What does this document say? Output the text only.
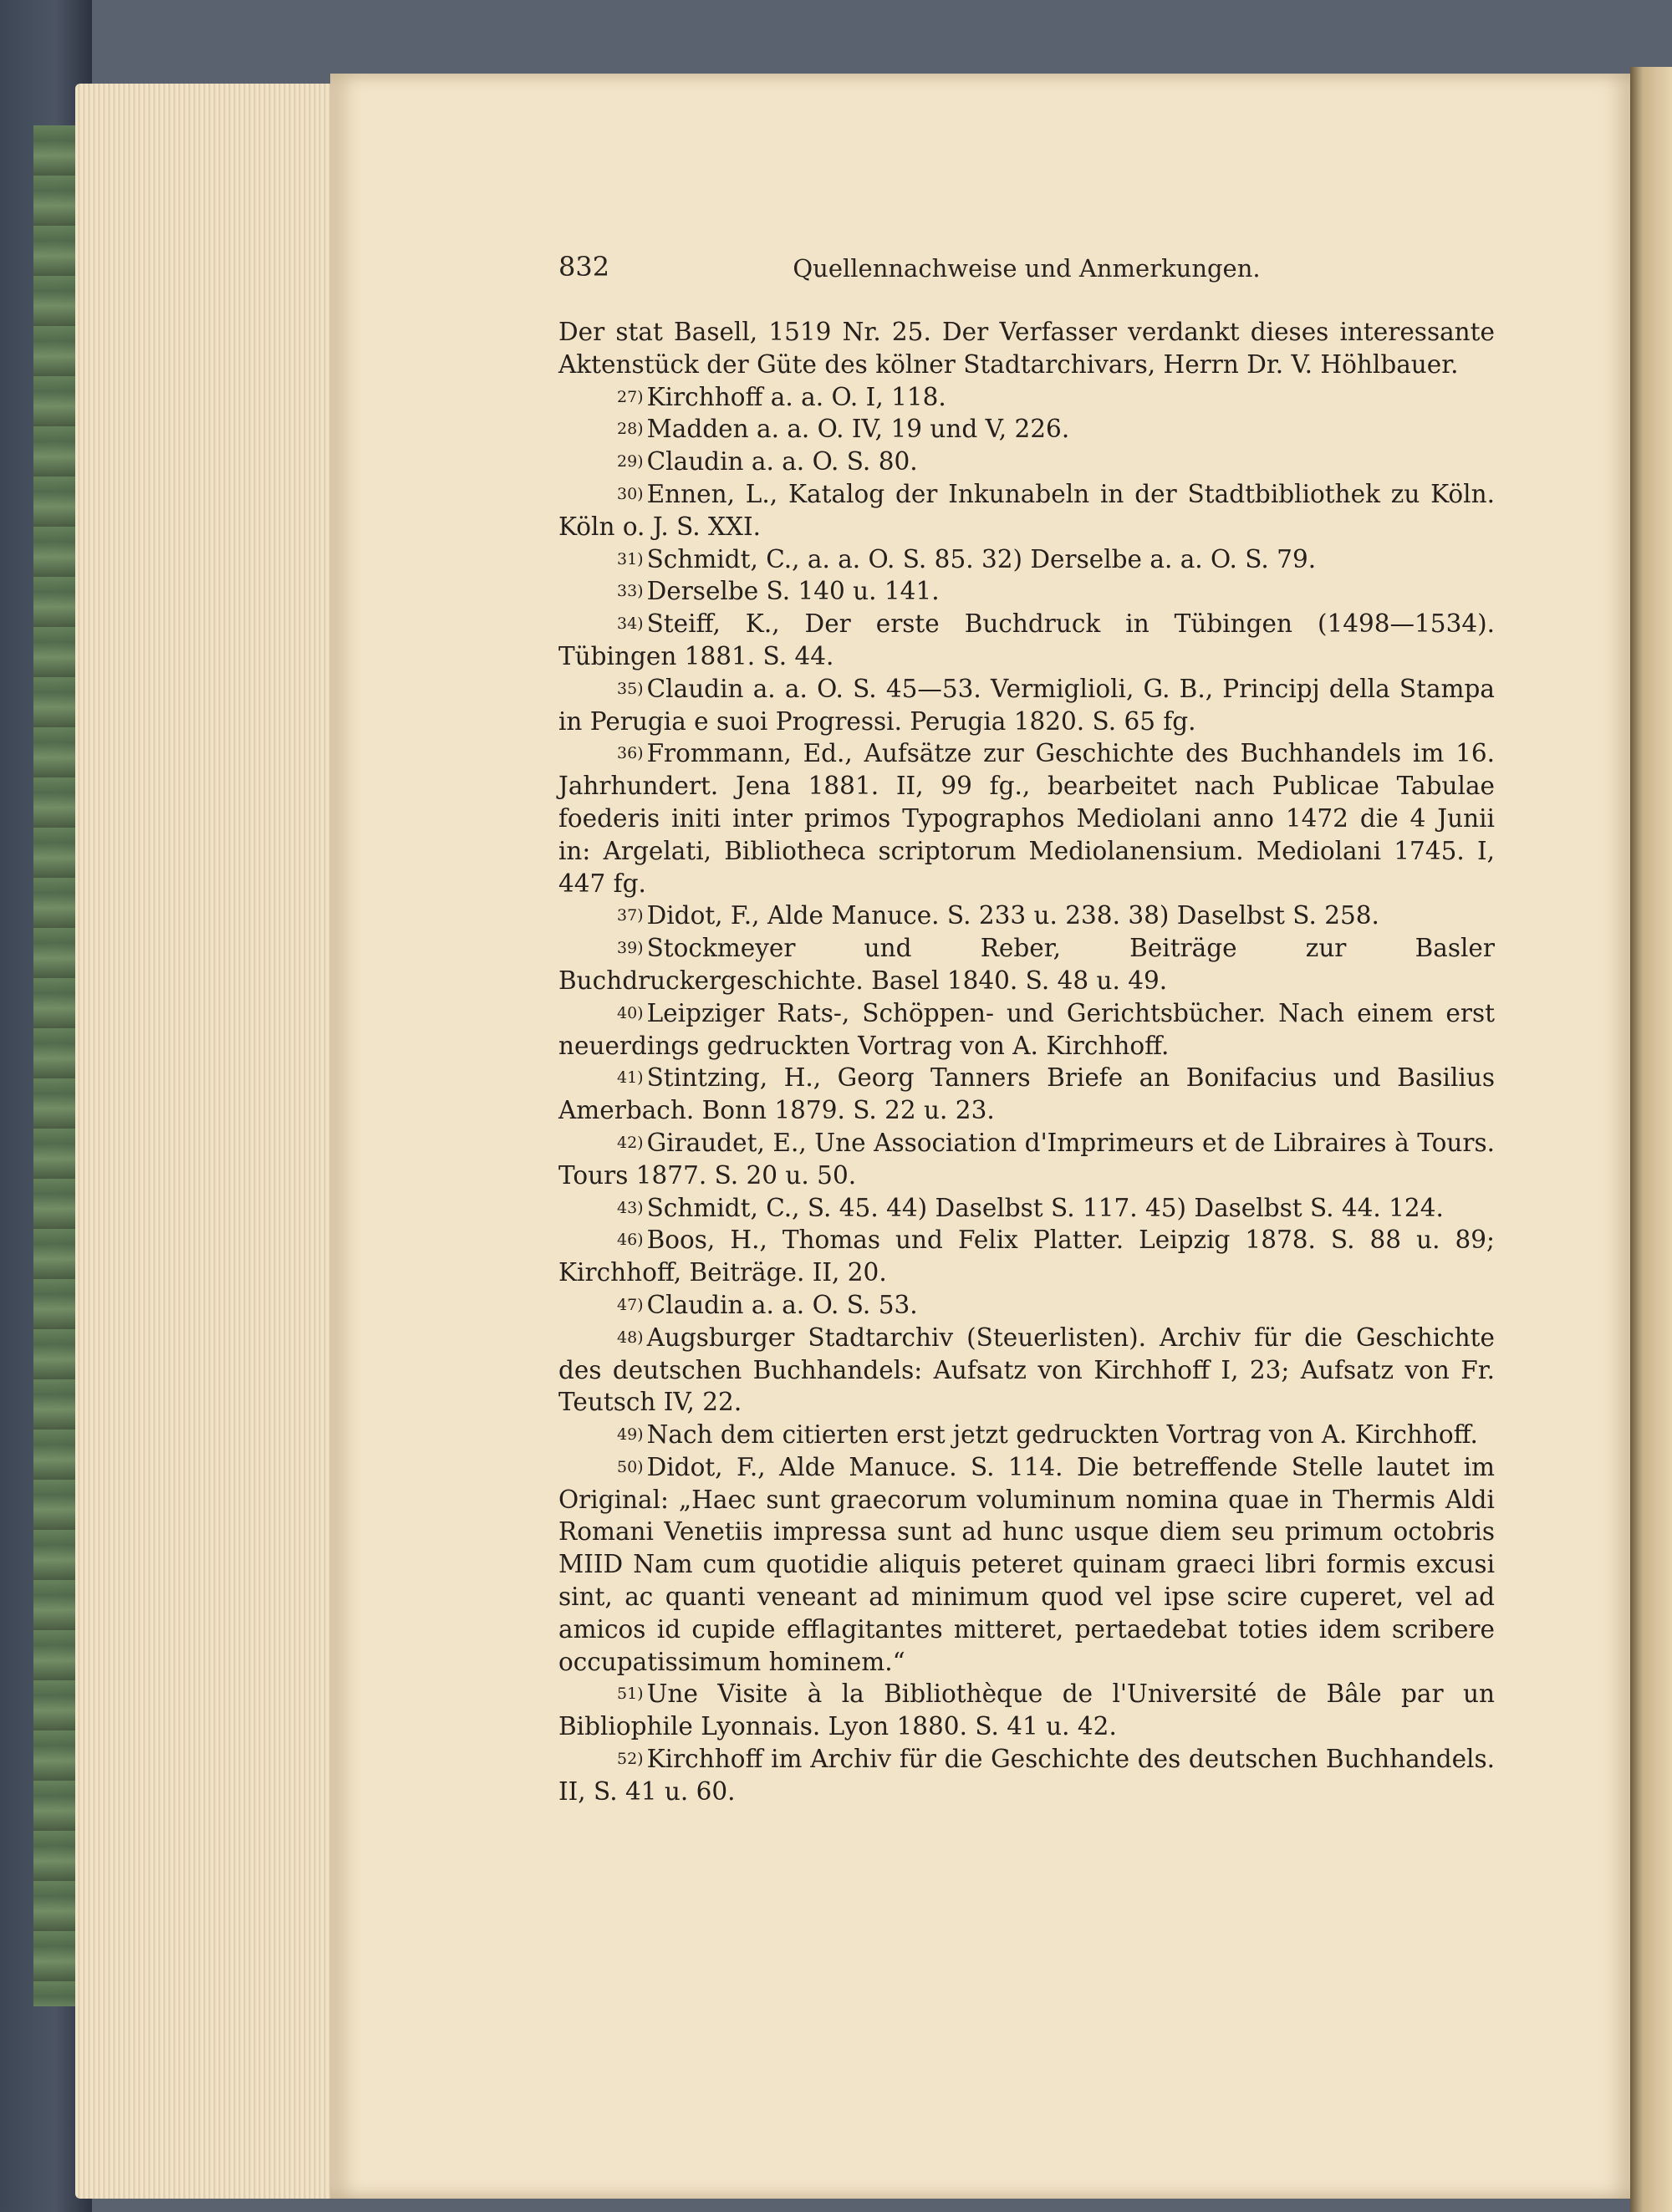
832	Quellennachweise und Anmerkungen.

Der stat Basell, 1519 Nr. 25. Der Verfasser verdankt dieses interessante Aktenstück der Güte des kölner Stadtarchivars, Herrn Dr. V. Höhlbauer.

27) Kirchhoff a. a. O. I, 118.

28) Madden a. a. O. IV, 19 und V, 226.

29) Claudin a. a. O. S. 80.

30) Ennen, L., Katalog der Inkunabeln in der Stadtbibliothek zu Köln. Köln o. J. S. XXI.

31) Schmidt, C., a. a. O. S. 85. 32) Derselbe a. a. O. S. 79.

33) Derselbe S. 140 u. 141.

34) Steiff, K., Der erste Buchdruck in Tübingen (1498—1534). Tübingen 1881. S. 44.

35) Claudin a. a. O. S. 45—53. Vermiglioli, G. B., Principj della Stampa in Perugia e suoi Progressi. Perugia 1820. S. 65 fg.

36) Frommann, Ed., Aufsätze zur Geschichte des Buchhandels im 16. Jahrhundert. Jena 1881. II, 99 fg., bearbeitet nach Publicae Tabulae foederis initi inter primos Typographos Mediolani anno 1472 die 4 Junii in: Argelati, Bibliotheca scriptorum Mediolanensium. Mediolani 1745. I, 447 fg.

37) Didot, F., Alde Manuce. S. 233 u. 238. 38) Daselbst S. 258.

39) Stockmeyer und Reber, Beiträge zur Basler Buchdruckergeschichte. Basel 1840. S. 48 u. 49.

40) Leipziger Rats-, Schöppen- und Gerichtsbücher. Nach einem erst neuerdings gedruckten Vortrag von A. Kirchhoff.

41) Stintzing, H., Georg Tanners Briefe an Bonifacius und Basilius Amerbach. Bonn 1879. S. 22 u. 23.

42) Giraudet, E., Une Association d'Imprimeurs et de Libraires à Tours. Tours 1877. S. 20 u. 50.

43) Schmidt, C., S. 45. 44) Daselbst S. 117. 45) Daselbst S. 44. 124.

46) Boos, H., Thomas und Felix Platter. Leipzig 1878. S. 88 u. 89; Kirchhoff, Beiträge. II, 20.

47) Claudin a. a. O. S. 53.

48) Augsburger Stadtarchiv (Steuerlisten). Archiv für die Geschichte des deutschen Buchhandels: Aufsatz von Kirchhoff I, 23; Aufsatz von Fr. Teutsch IV, 22.

49) Nach dem citierten erst jetzt gedruckten Vortrag von A. Kirchhoff.

50) Didot, F., Alde Manuce. S. 114. Die betreffende Stelle lautet im Original: „Haec sunt graecorum voluminum nomina quae in Thermis Aldi Romani Venetiis impressa sunt ad hunc usque diem seu primum octobris MIID Nam cum quotidie aliquis peteret quinam graeci libri formis excusi sint, ac quanti veneant ad minimum quod vel ipse scire cuperet, vel ad amicos id cupide efflagitantes mitteret, pertaedebat toties idem scribere occupatissimum hominem.“

51) Une Visite à la Bibliothèque de l'Université de Bâle par un Bibliophile Lyonnais. Lyon 1880. S. 41 u. 42.

52) Kirchhoff im Archiv für die Geschichte des deutschen Buchhandels. II, S. 41 u. 60.
